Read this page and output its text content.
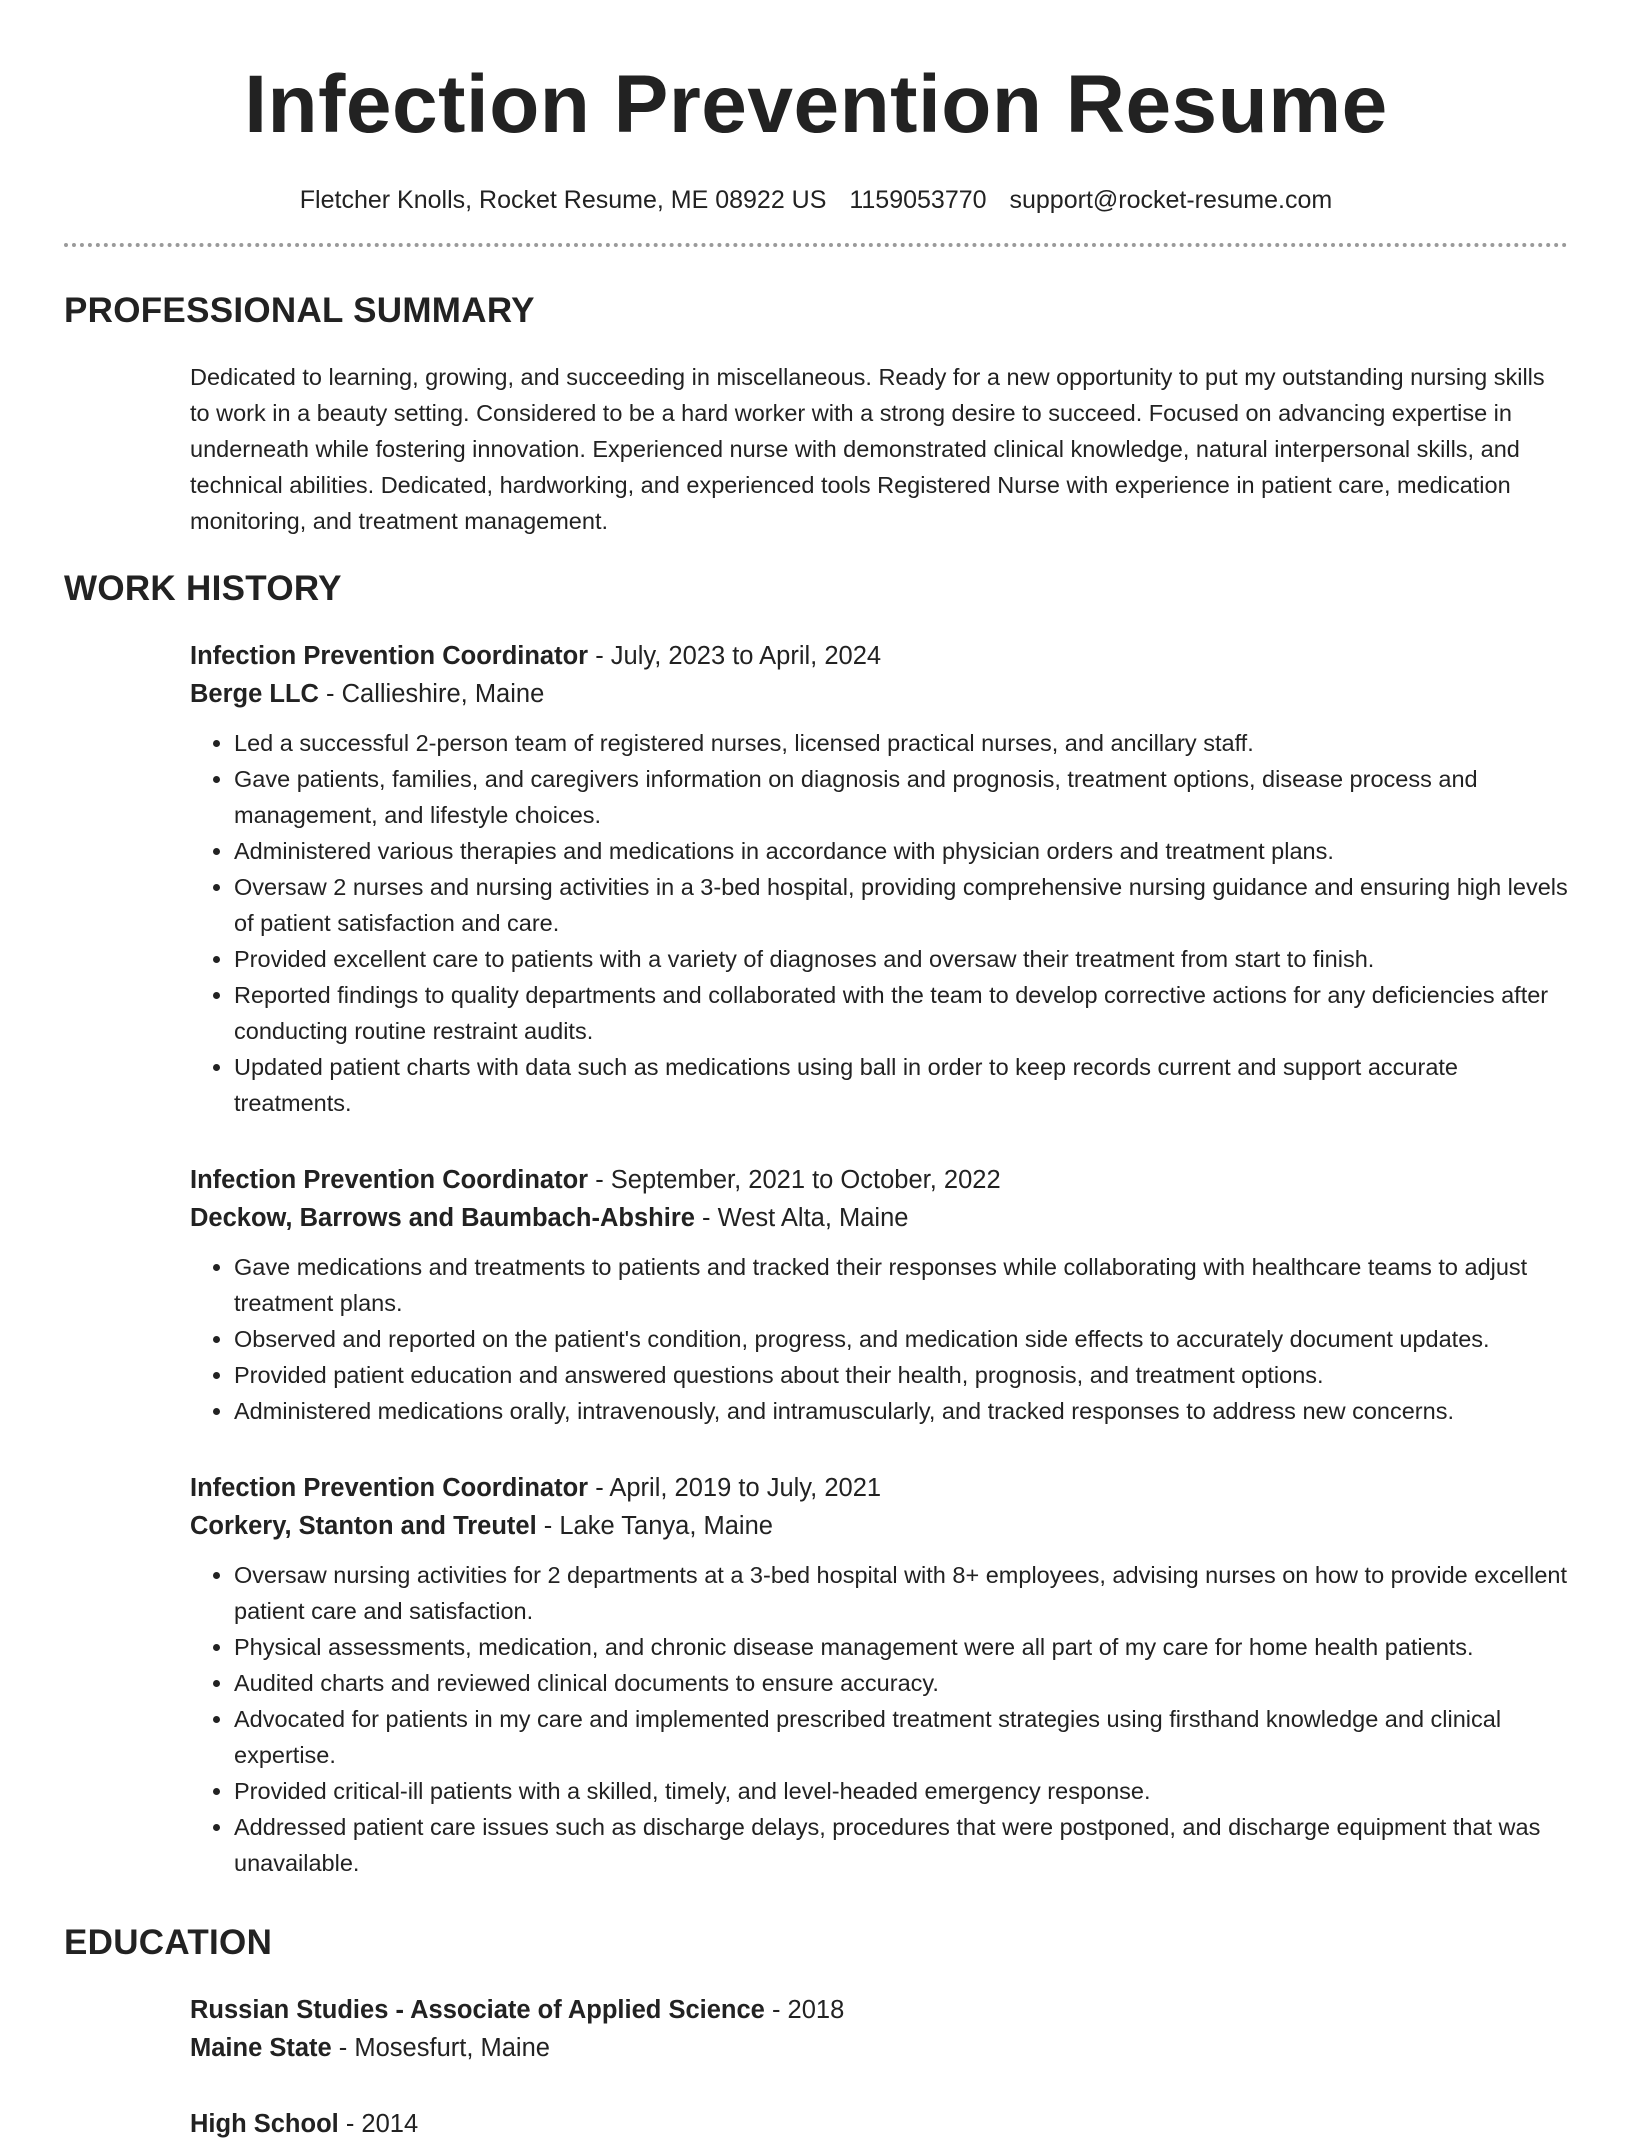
Infection Prevention Resume
Fletcher Knolls, Rocket Resume, ME 08922 US 1159053770 support@rocket-resume.com
PROFESSIONAL SUMMARY

Dedicated to learning, growing, and succeeding in miscellaneous. Ready for a new opportunity to put my outstanding nursing skills to work in a beauty setting. Considered to be a hard worker with a strong desire to succeed. Focused on advancing expertise in underneath while fostering innovation. Experienced nurse with demonstrated clinical knowledge, natural interpersonal skills, and technical abilities. Dedicated, hardworking, and experienced tools Registered Nurse with experience in patient care, medication monitoring, and treatment management.

WORK HISTORY
Infection Prevention Coordinator - July, 2023 to April, 2024
Berge LLC - Callieshire, Maine
• Led a successful 2-person team of registered nurses, licensed practical nurses, and ancillary staff.
• Gave patients, families, and caregivers information on diagnosis and prognosis, treatment options, disease process and management, and lifestyle choices.
• Administered various therapies and medications in accordance with physician orders and treatment plans.
• Oversaw 2 nurses and nursing activities in a 3-bed hospital, providing comprehensive nursing guidance and ensuring high levels of patient satisfaction and care.
• Provided excellent care to patients with a variety of diagnoses and oversaw their treatment from start to finish.
• Reported findings to quality departments and collaborated with the team to develop corrective actions for any deficiencies after conducting routine restraint audits.
• Updated patient charts with data such as medications using ball in order to keep records current and support accurate treatments.
Infection Prevention Coordinator - September, 2021 to October, 2022
Deckow, Barrows and Baumbach-Abshire - West Alta, Maine
• Gave medications and treatments to patients and tracked their responses while collaborating with healthcare teams to adjust treatment plans.
• Observed and reported on the patient's condition, progress, and medication side effects to accurately document updates.
• Provided patient education and answered questions about their health, prognosis, and treatment options.
• Administered medications orally, intravenously, and intramuscularly, and tracked responses to address new concerns.
Infection Prevention Coordinator - April, 2019 to July, 2021
Corkery, Stanton and Treutel - Lake Tanya, Maine
• Oversaw nursing activities for 2 departments at a 3-bed hospital with 8+ employees, advising nurses on how to provide excellent patient care and satisfaction.
• Physical assessments, medication, and chronic disease management were all part of my care for home health patients.
• Audited charts and reviewed clinical documents to ensure accuracy.
• Advocated for patients in my care and implemented prescribed treatment strategies using firsthand knowledge and clinical expertise.
• Provided critical-ill patients with a skilled, timely, and level-headed emergency response.
• Addressed patient care issues such as discharge delays, procedures that were postponed, and discharge equipment that was unavailable.
EDUCATION
Russian Studies - Associate of Applied Science - 2018
Maine State - Mosesfurt, Maine
High School - 2014
